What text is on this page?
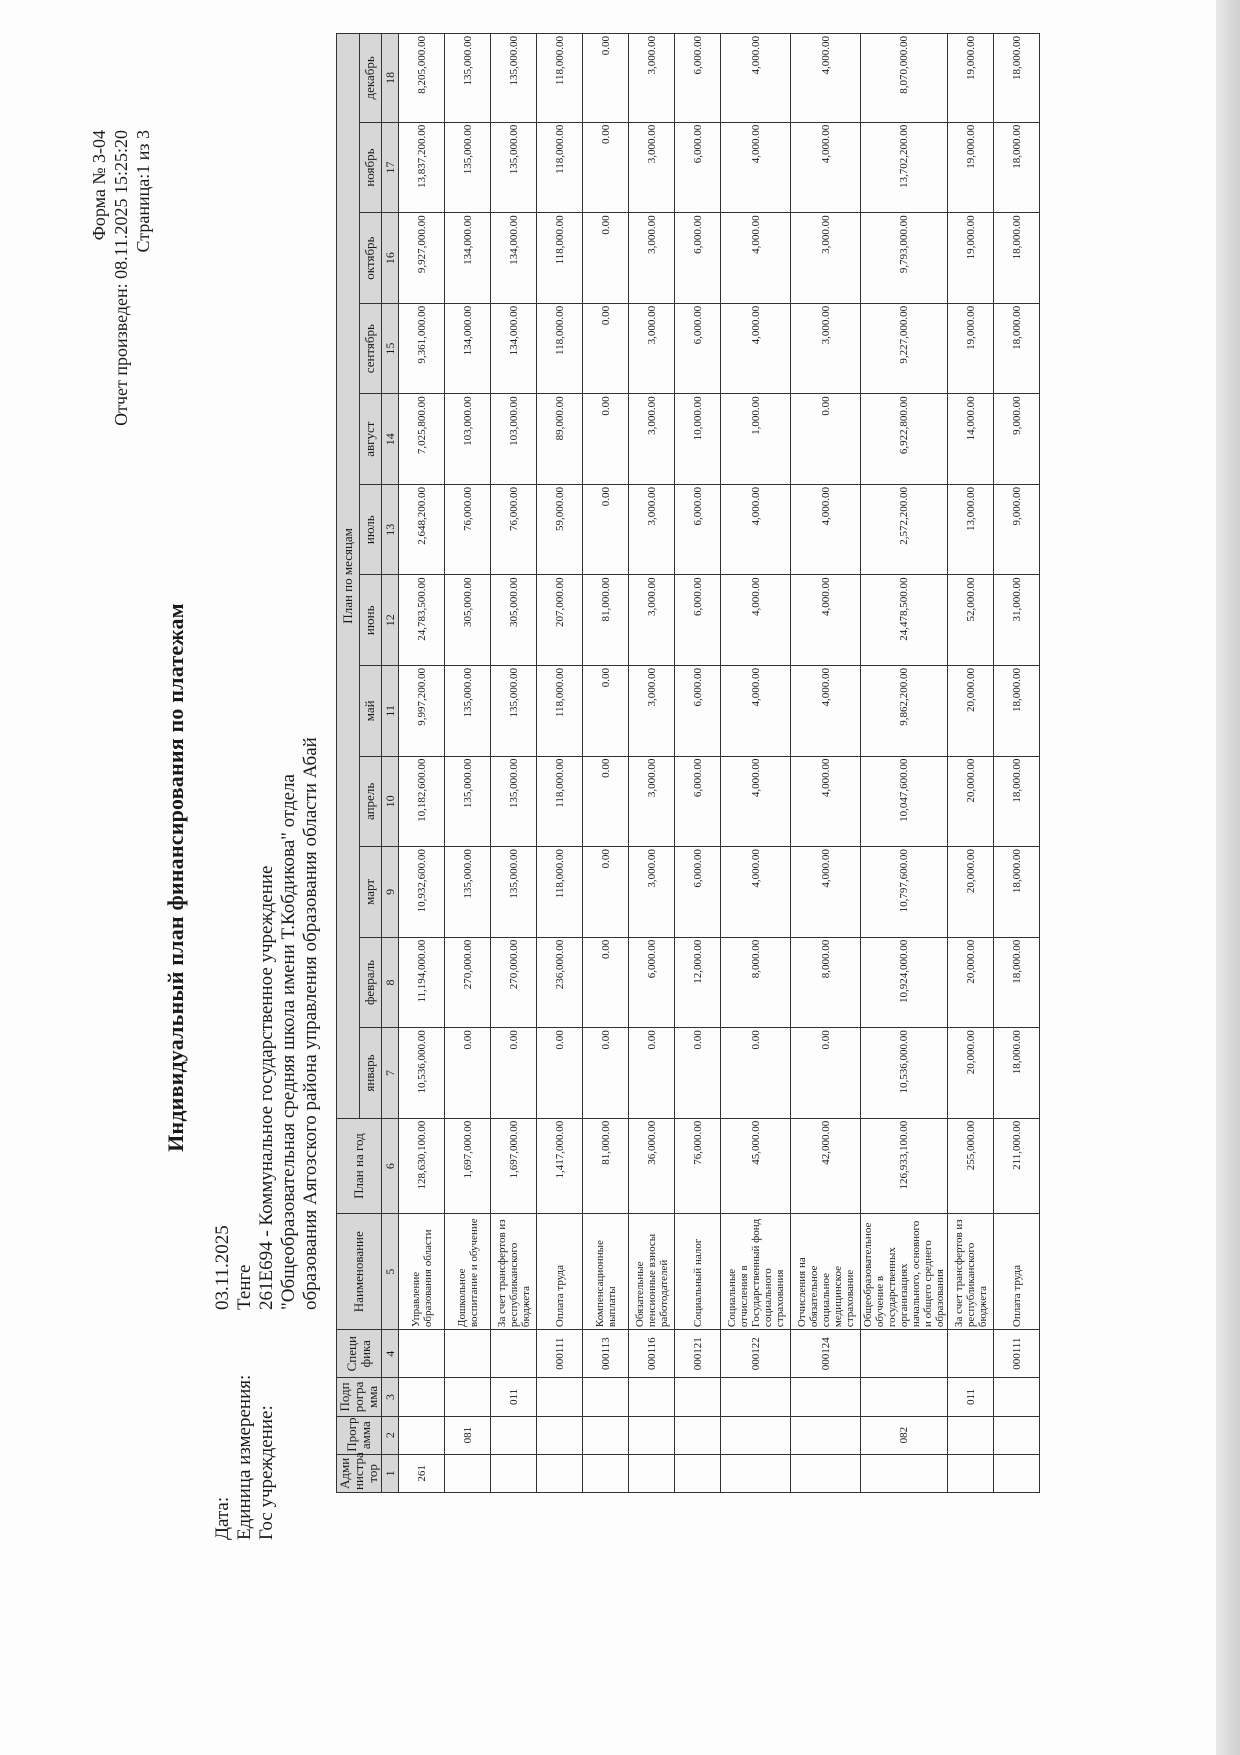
Форма № 3-04 Отчет произведен: 08.11.2025 15:25:20 Страница:1 из 3
Индивидуальный план финансирования по платежам
Дата:
03.11.2025
Единица измерения:
Тенге
Гос учреждение:
261E694 - Коммунальное государственное учреждение "Общеобразовательная средняя школа имени Т.Кобдикова" отдела образования Аягозского района управления образования области Абай
Адми нистра тор	Прогр амма	Подп рогра мма	Специ фика	Наименование	План на год	План по месяцам											
						январь	февраль	март	апрель	май	июнь	июль	август	сентябрь	октябрь	ноябрь	декабрь
1	2	3	4	5	6	7	8	9	10	11	12	13	14	15	16	17	18
261				Управление образования области	128,630,100.00	10,536,000.00	11,194,000.00	10,932,600.00	10,182,600.00	9,997,200.00	24,783,500.00	2,648,200.00	7,025,800.00	9,361,000.00	9,927,000.00	13,837,200.00	8,205,000.00
	081			Дошкольное воспитание и обучение	1,697,000.00	0.00	270,000.00	135,000.00	135,000.00	135,000.00	305,000.00	76,000.00	103,000.00	134,000.00	134,000.00	135,000.00	135,000.00
		011		За счет трансфертов из республиканского бюджета	1,697,000.00	0.00	270,000.00	135,000.00	135,000.00	135,000.00	305,000.00	76,000.00	103,000.00	134,000.00	134,000.00	135,000.00	135,000.00
			000111	Оплата труда	1,417,000.00	0.00	236,000.00	118,000.00	118,000.00	118,000.00	207,000.00	59,000.00	89,000.00	118,000.00	118,000.00	118,000.00	118,000.00
			000113	Компенсационные выплаты	81,000.00	0.00	0.00	0.00	0.00	0.00	81,000.00	0.00	0.00	0.00	0.00	0.00	0.00
			000116	Обязательные пенсионные взносы работодателей	36,000.00	0.00	6,000.00	3,000.00	3,000.00	3,000.00	3,000.00	3,000.00	3,000.00	3,000.00	3,000.00	3,000.00	3,000.00
			000121	Социальный налог	76,000.00	0.00	12,000.00	6,000.00	6,000.00	6,000.00	6,000.00	6,000.00	10,000.00	6,000.00	6,000.00	6,000.00	6,000.00
			000122	Социальные отчисления в Государственный фонд социального страхования	45,000.00	0.00	8,000.00	4,000.00	4,000.00	4,000.00	4,000.00	4,000.00	1,000.00	4,000.00	4,000.00	4,000.00	4,000.00
			000124	Отчисления на обязательное социальное медицинское страхование	42,000.00	0.00	8,000.00	4,000.00	4,000.00	4,000.00	4,000.00	4,000.00	0.00	3,000.00	3,000.00	4,000.00	4,000.00
	082			Общеобразовательное обучение в государственных организациях начального, основного и общего среднего образования	126,933,100.00	10,536,000.00	10,924,000.00	10,797,600.00	10,047,600.00	9,862,200.00	24,478,500.00	2,572,200.00	6,922,800.00	9,227,000.00	9,793,000.00	13,702,200.00	8,070,000.00
		011		За счет трансфертов из республиканского бюджета	255,000.00	20,000.00	20,000.00	20,000.00	20,000.00	20,000.00	52,000.00	13,000.00	14,000.00	19,000.00	19,000.00	19,000.00	19,000.00
			000111	Оплата труда	211,000.00	18,000.00	18,000.00	18,000.00	18,000.00	18,000.00	31,000.00	9,000.00	9,000.00	18,000.00	18,000.00	18,000.00	18,000.00
